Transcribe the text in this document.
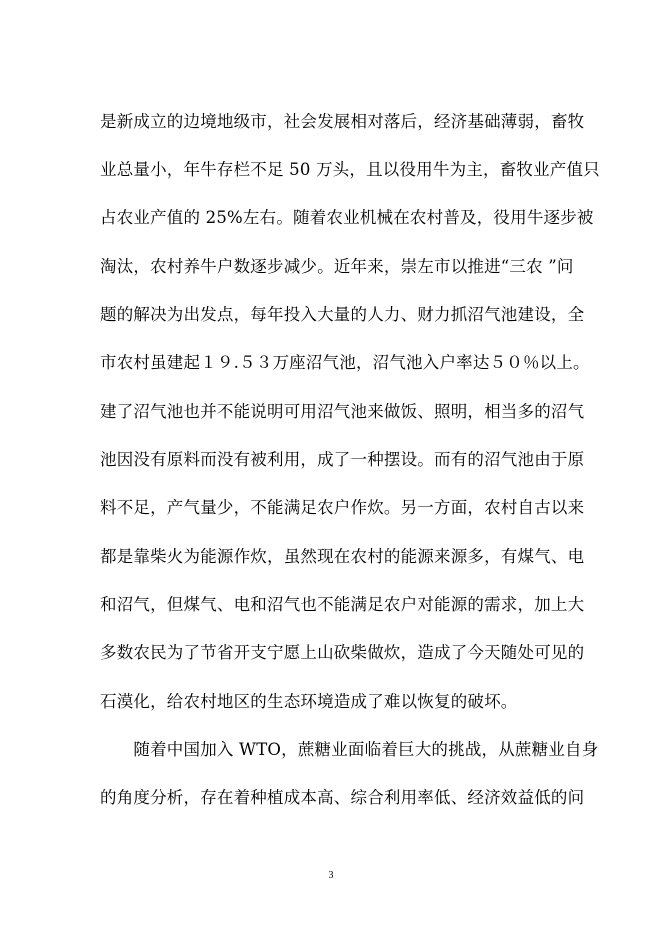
是新成立的边境地级市，社会发展相对落后，经济基础薄弱，畜牧
业总量小，年牛存栏不足 50 万头，且以役用牛为主，畜牧业产值只
占农业产值的 25%左右。随着农业机械在农村普及，役用牛逐步被
淘汰，农村养牛户数逐步减少。近年来，崇左市以推进“三农 ”问
题的解决为出发点，每年投入大量的人力、财力抓沼气池建设，全
市农村虽建起１９.５３万座沼气池，沼气池入户率达５０％以上。
建了沼气池也并不能说明可用沼气池来做饭、照明，相当多的沼气
池因没有原料而没有被利用，成了一种摆设。而有的沼气池由于原
料不足，产气量少，不能满足农户作炊。另一方面，农村自古以来
都是靠柴火为能源作炊，虽然现在农村的能源来源多，有煤气、电
和沼气，但煤气、电和沼气也不能满足农户对能源的需求，加上大
多数农民为了节省开支宁愿上山砍柴做炊，造成了今天随处可见的
石漠化，给农村地区的生态环境造成了难以恢复的破坏。
　　随着中国加入 WTO，蔗糖业面临着巨大的挑战，从蔗糖业自身
的角度分析，存在着种植成本高、综合利用率低、经济效益低的问
3
